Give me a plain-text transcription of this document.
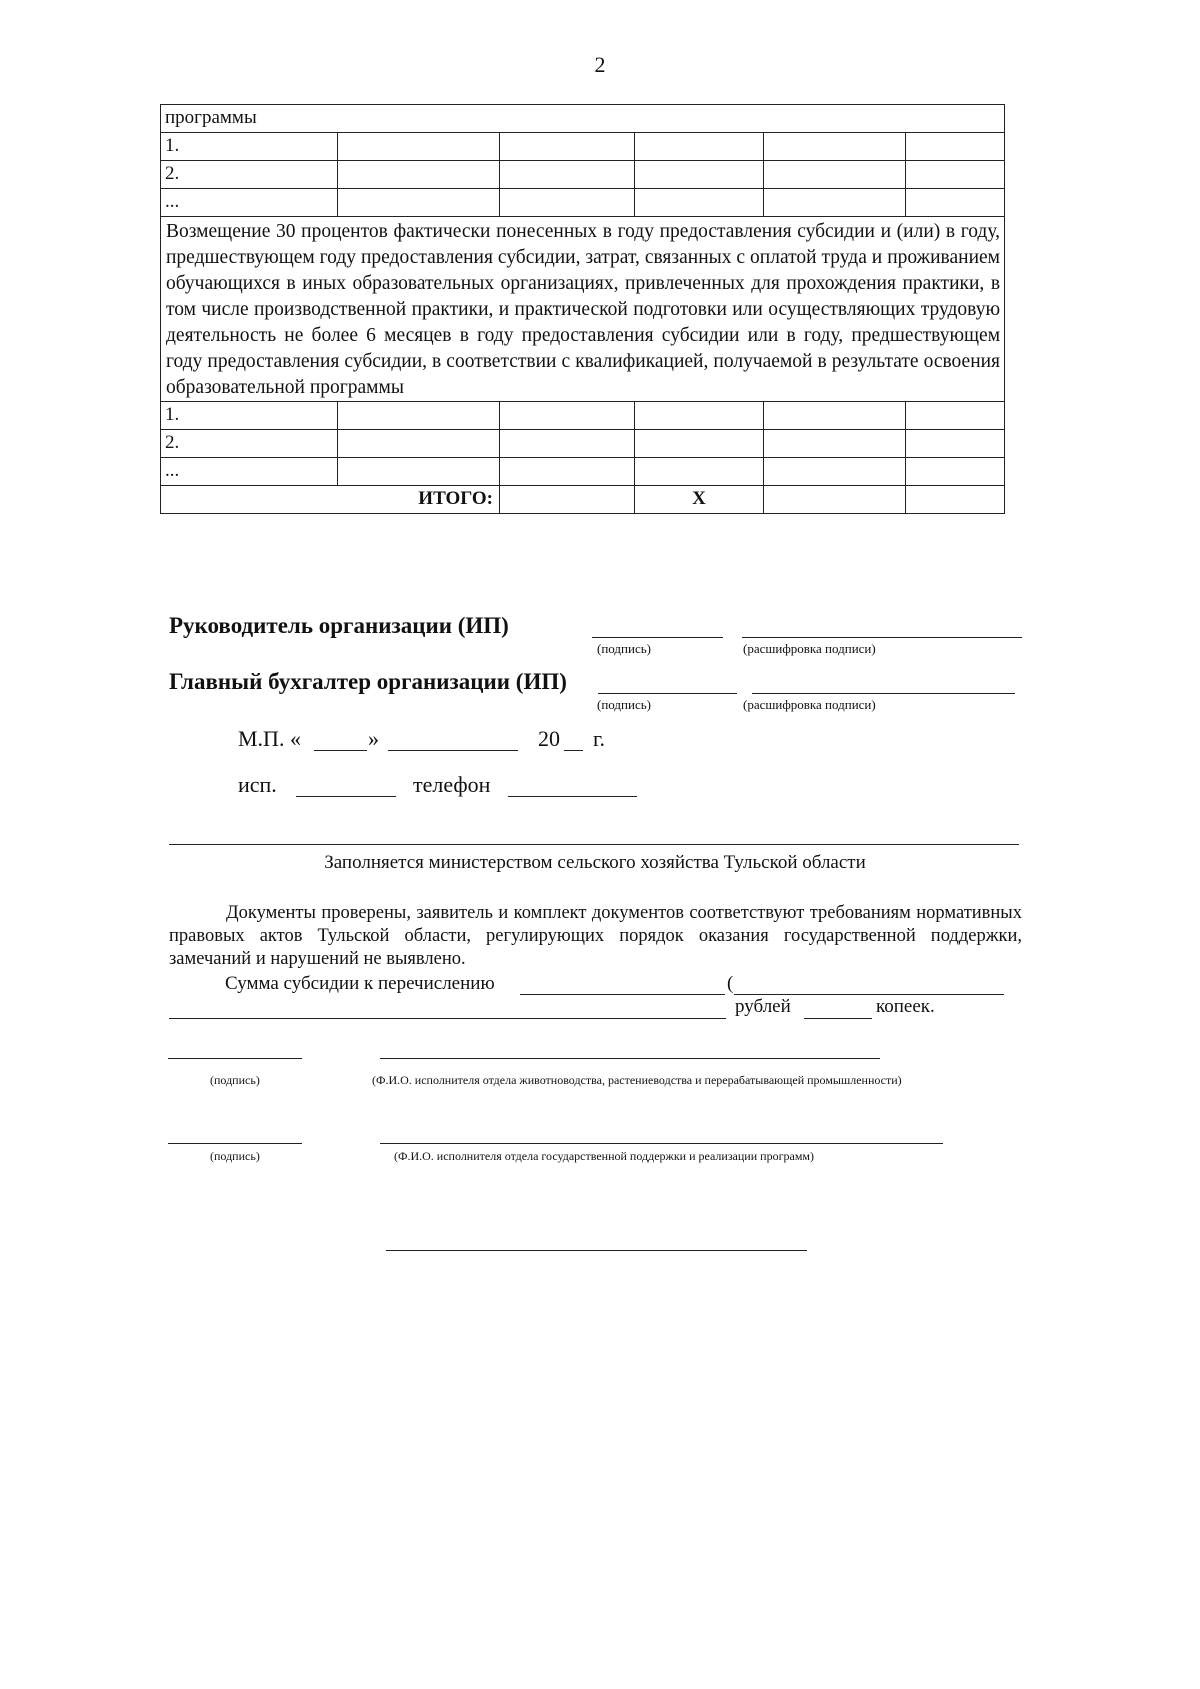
2
программы					
1.					
2.					
...					
Возмещение 30 процентов фактически понесенных в году предоставления субсидии и (или) в году, предшествующем году предоставления субсидии, затрат, связанных с оплатой труда и проживанием обучающихся в иных образовательных организациях, привлеченных для прохождения практики, в том числе производственной практики, и практической подготовки или осуществляющих трудовую деятельность не более 6 месяцев в году предоставления субсидии или в году, предшествующем году предоставления субсидии, в соответствии с квалификацией, получаемой в результате освоения образовательной программы					
1.					
2.					
...					
ИТОГО:			Х		
Руководитель организации (ИП)
(подпись)	(расшифровка подписи)
Главный бухгалтер организации (ИП)
(подпись)	(расшифровка подписи)
М.П. «	»	20 г.
исп.	телефон
Заполняется министерством сельского хозяйства Тульской области
Документы проверены, заявитель и комплект документов соответствуют требованиям нормативных правовых актов Тульской области, регулирующих порядок оказания государственной поддержки, замечаний и нарушений не выявлено.
Сумма субсидии к перечислению	(
рублей	копеек.
(подпись)	(Ф.И.О. исполнителя отдела животноводства, растениеводства и перерабатывающей промышленности)
(подпись)	(Ф.И.О. исполнителя отдела государственной поддержки и реализации программ)
